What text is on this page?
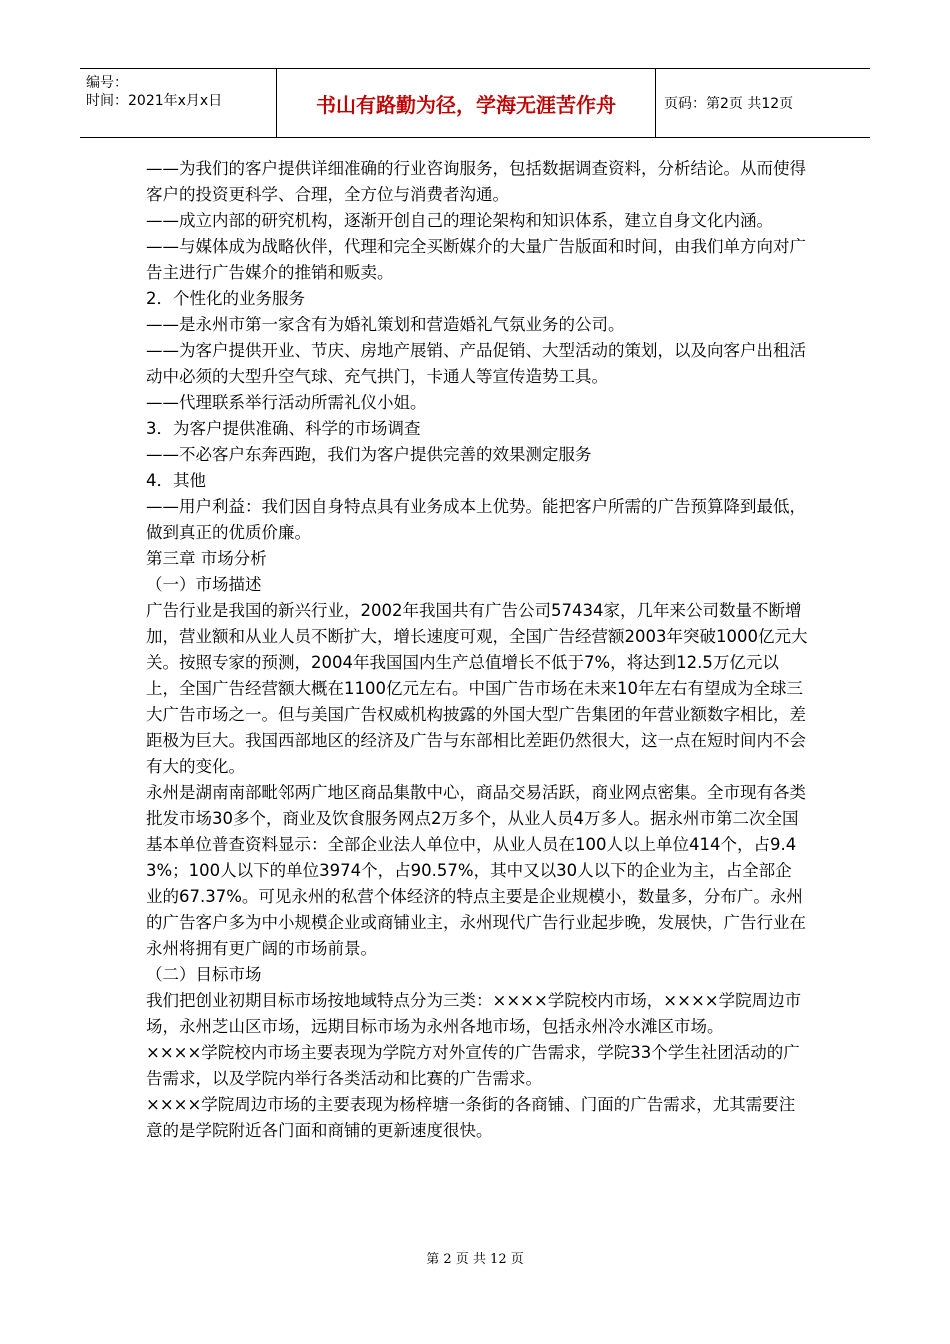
编号：
时间：2021年x月x日	书山有路勤为径，学海无涯苦作舟	页码：第2页 共12页

——为我们的客户提供详细准确的行业咨询服务，包括数据调查资料，分析结论。从而使得客户的投资更科学、合理，全方位与消费者沟通。

——成立内部的研究机构，逐渐开创自己的理论架构和知识体系，建立自身文化内涵。

——与媒体成为战略伙伴，代理和完全买断媒介的大量广告版面和时间，由我们单方向对广告主进行广告媒介的推销和贩卖。

2．个性化的业务服务

——是永州市第一家含有为婚礼策划和营造婚礼气氛业务的公司。

——为客户提供开业、节庆、房地产展销、产品促销、大型活动的策划，以及向客户出租活动中必须的大型升空气球、充气拱门，卡通人等宣传造势工具。

——代理联系举行活动所需礼仪小姐。

3．为客户提供准确、科学的市场调查

——不必客户东奔西跑，我们为客户提供完善的效果测定服务

4．其他

——用户利益：我们因自身特点具有业务成本上优势。能把客户所需的广告预算降到最低，做到真正的优质价廉。

第三章 市场分析

（一）市场描述

广告行业是我国的新兴行业，2002年我国共有广告公司57434家，几年来公司数量不断增加，营业额和从业人员不断扩大，增长速度可观，全国广告经营额2003年突破1000亿元大关。按照专家的预测，2004年我国国内生产总值增长不低于7%，将达到12.5万亿元以上，全国广告经营额大概在1100亿元左右。中国广告市场在未来10年左右有望成为全球三大广告市场之一。但与美国广告权威机构披露的外国大型广告集团的年营业额数字相比，差距极为巨大。我国西部地区的经济及广告与东部相比差距仍然很大，这一点在短时间内不会有大的变化。

永州是湖南南部毗邻两广地区商品集散中心，商品交易活跃，商业网点密集。全市现有各类批发市场30多个，商业及饮食服务网点2万多个，从业人员4万多人。据永州市第二次全国基本单位普查资料显示：全部企业法人单位中，从业人员在100人以上单位414个，占9.43%；100人以下的单位3974个，占90.57%，其中又以30人以下的企业为主，占全部企业的67.37%。可见永州的私营个体经济的特点主要是企业规模小，数量多，分布广。永州的广告客户多为中小规模企业或商铺业主，永州现代广告行业起步晚，发展快，广告行业在永州将拥有更广阔的市场前景。

（二）目标市场

我们把创业初期目标市场按地域特点分为三类：××××学院校内市场，××××学院周边市场，永州芝山区市场，远期目标市场为永州各地市场，包括永州冷水滩区市场。

××××学院校内市场主要表现为学院方对外宣传的广告需求，学院33个学生社团活动的广告需求，以及学院内举行各类活动和比赛的广告需求。

××××学院周边市场的主要表现为杨梓塘一条街的各商铺、门面的广告需求，尤其需要注意的是学院附近各门面和商铺的更新速度很快。

第 2 页 共 12 页
